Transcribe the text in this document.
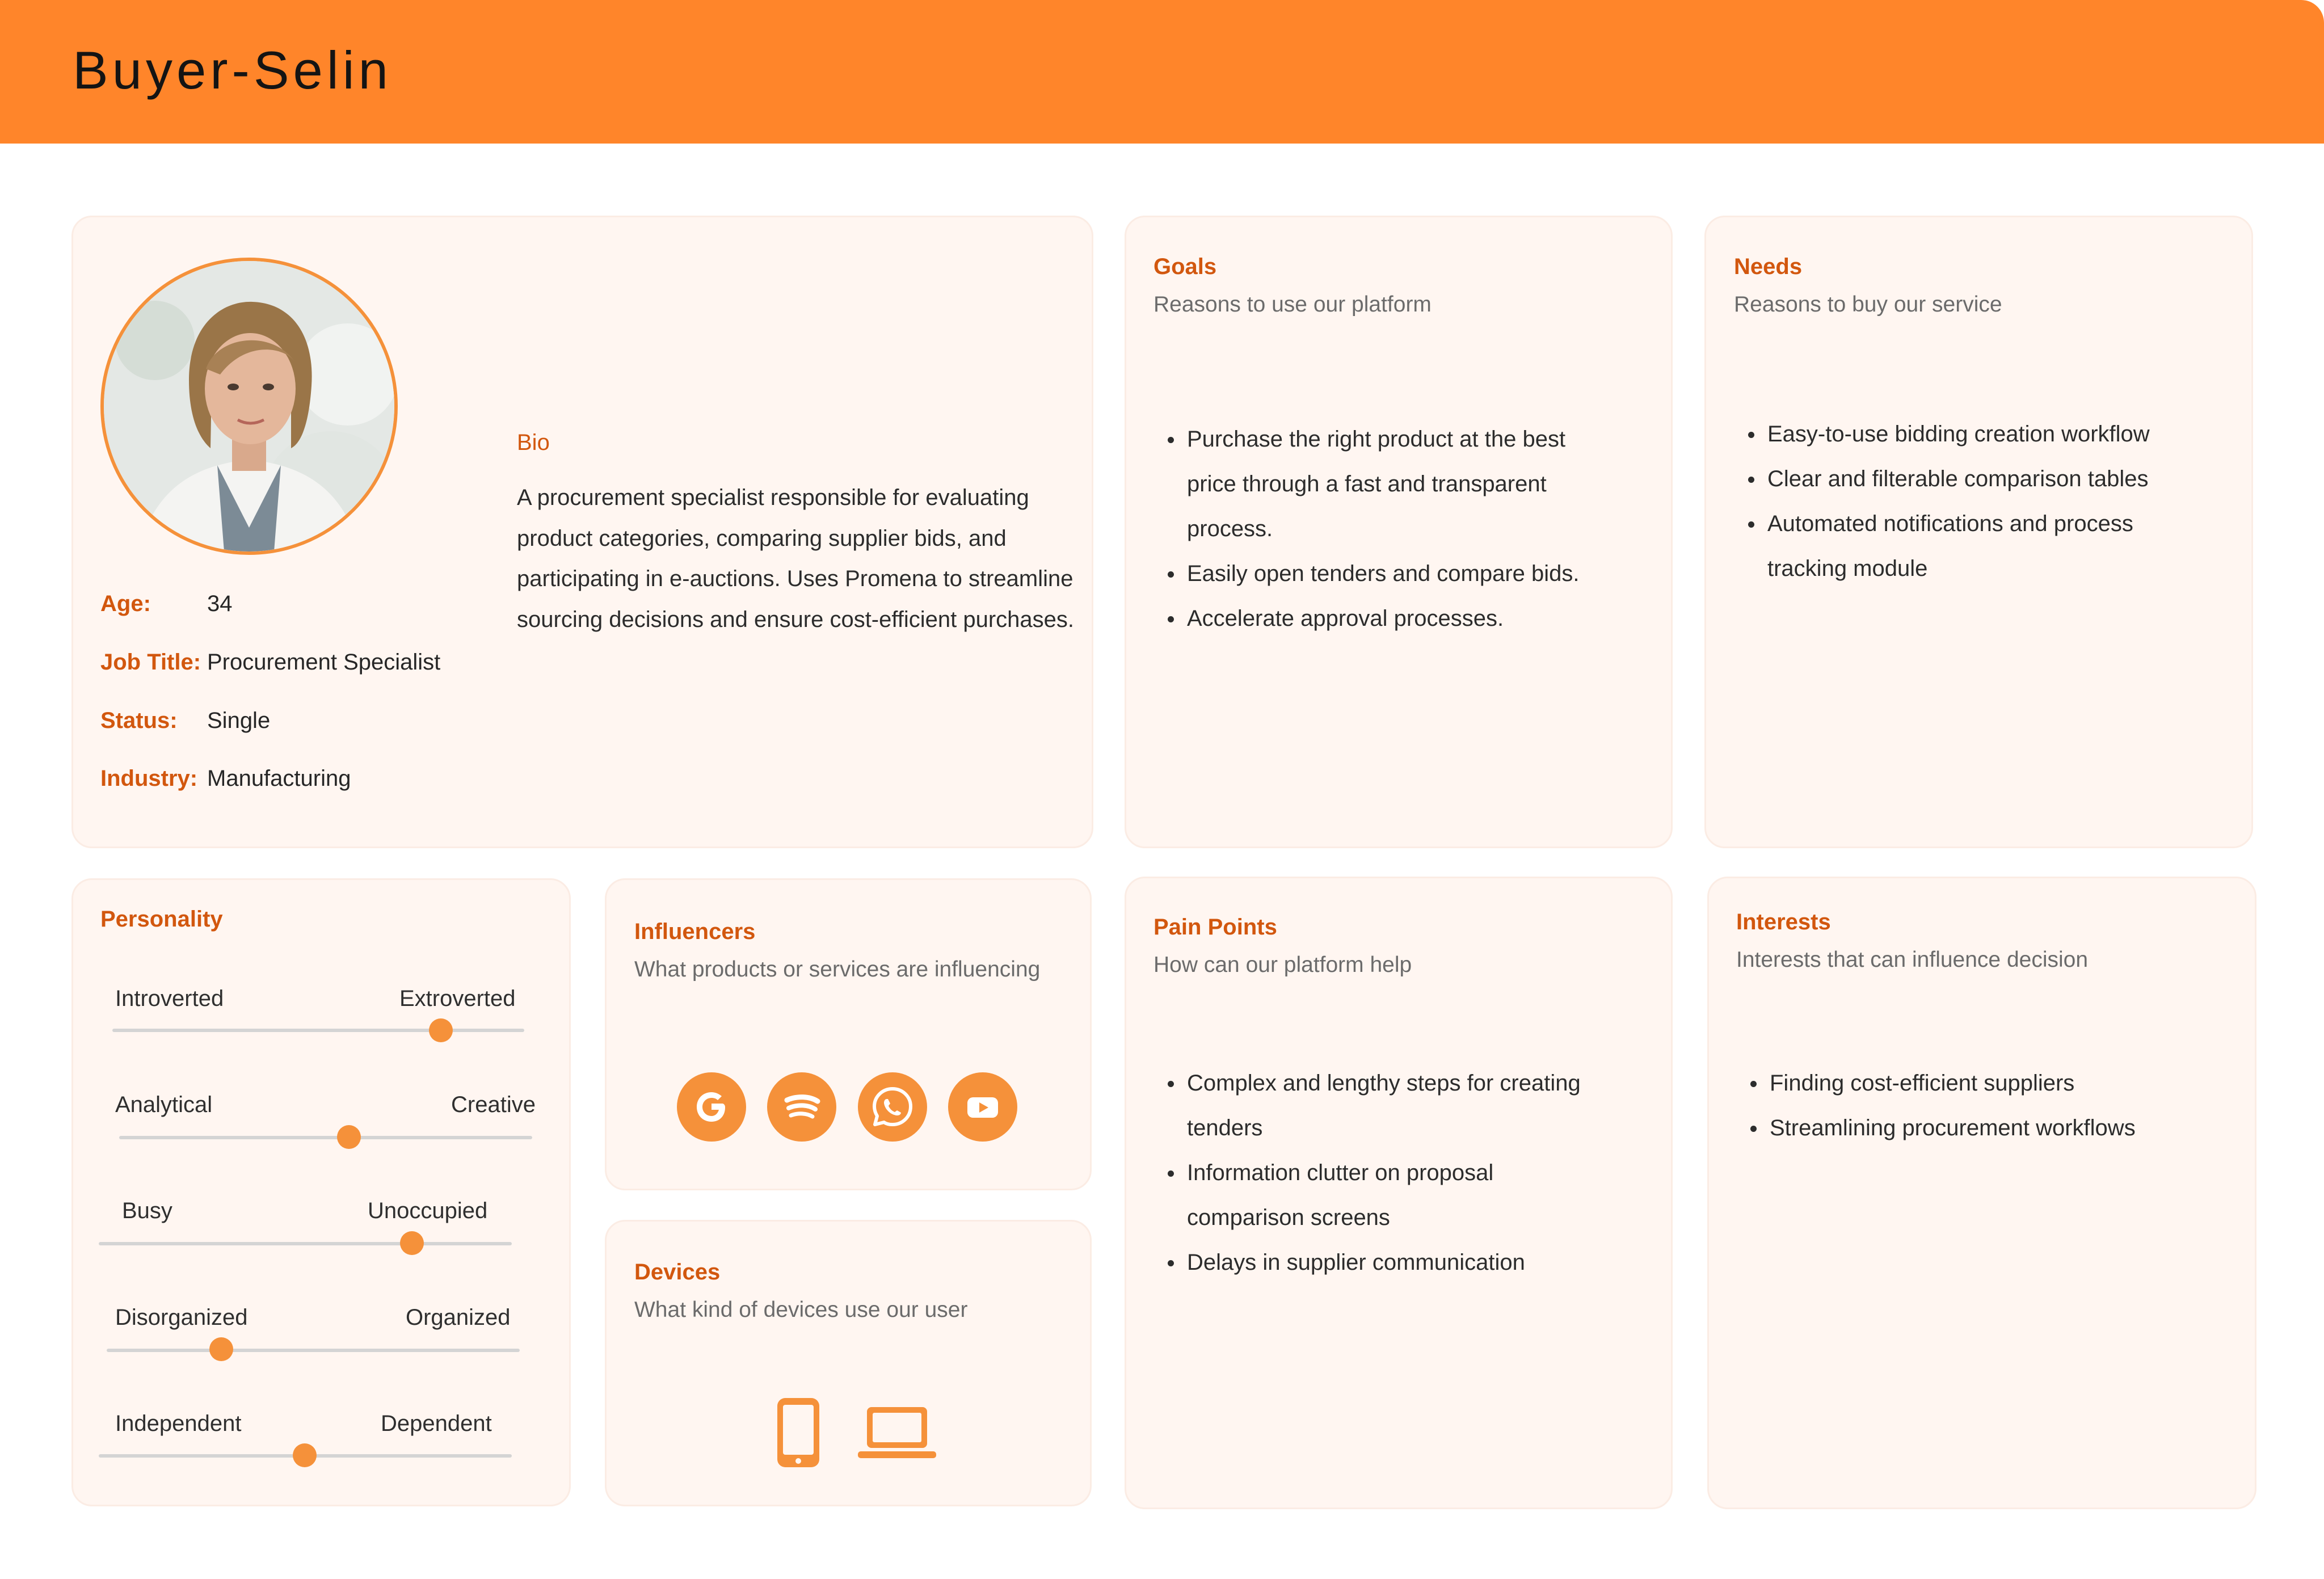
Buyer-Selin
Age: 34
Job Title: Procurement Specialist
Status: Single
Industry: Manufacturing
Bio
A procurement specialist responsible for evaluating product categories, comparing supplier bids, and participating in e-auctions. Uses Promena to streamline sourcing decisions and ensure cost-efficient purchases.
Goals
Reasons to use our platform
Purchase the right product at the best
price through a fast and transparent
process.
Easily open tenders and compare bids.
Accelerate approval processes.
Needs
Reasons to buy our service
Easy-to-use bidding creation workflow
Clear and filterable comparison tables
Automated notifications and process
tracking module
Personality
Introverted	Extroverted
Analytical	Creative
Busy	Unoccupied
Disorganized	Organized
Independent	Dependent
Influencers
What products or services are influencing
Devices
What kind of devices use our user
Pain Points
How can our platform help
Complex and lengthy steps for creating
tenders
Information clutter on proposal
comparison screens
Delays in supplier communication
Interests
Interests that can influence decision
Finding cost-efficient suppliers
Streamlining procurement workflows
